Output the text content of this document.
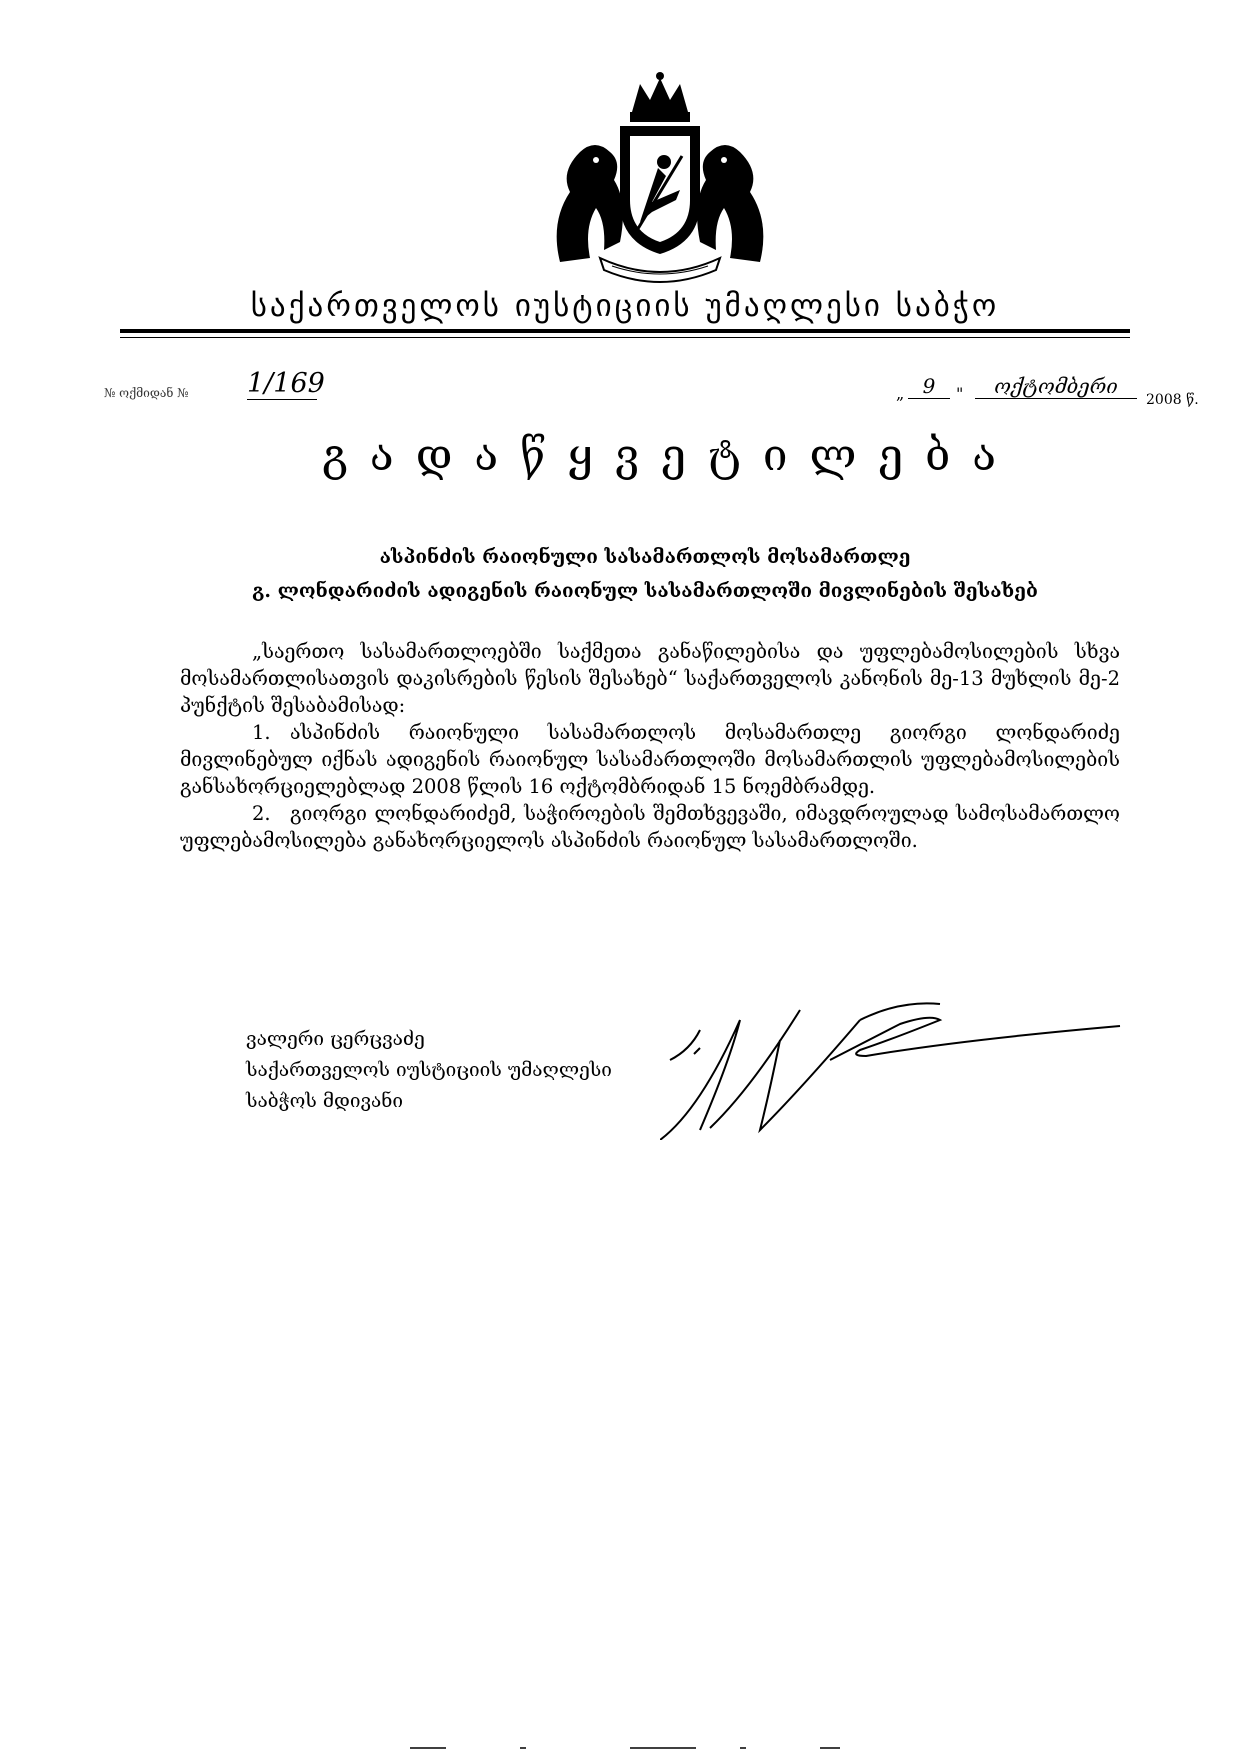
საქართველოს იუსტიციის უმაღლესი საბჭო
№ ოქმიდან № 1/169	„ 9	"	ოქტომბერი
2008 წ.
გადაწყვეტილება
ასპინძის რაიონული სასამართლოს მოსამართლე
გ. ლონდარიძის ადიგენის რაიონულ სასამართლოში მივლინების შესახებ

„საერთო სასამართლოებში საქმეთა განაწილებისა და უფლებამოსილების სხვა მოსამართლისათვის დაკისრების წესის შესახებ“ საქართველოს კანონის მე-13 მუხლის მე-2 პუნქტის შესაბამისად:

1. ასპინძის რაიონული სასამართლოს მოსამართლე გიორგი ლონდარიძე მივლინებულ იქნას ადიგენის რაიონულ სასამართლოში მოსამართლის უფლებამოსილების განსახორციელებლად 2008 წლის 16 ოქტომბრიდან 15 ნოემბრამდე.

2. გიორგი ლონდარიძემ, საჭიროების შემთხვევაში, იმავდროულად სამოსამართლო უფლებამოსილება განახორციელოს ასპინძის რაიონულ სასამართლოში.

ვალერი ცერცვაძე
საქართველოს იუსტიციის უმაღლესი
საბჭოს მდივანი
